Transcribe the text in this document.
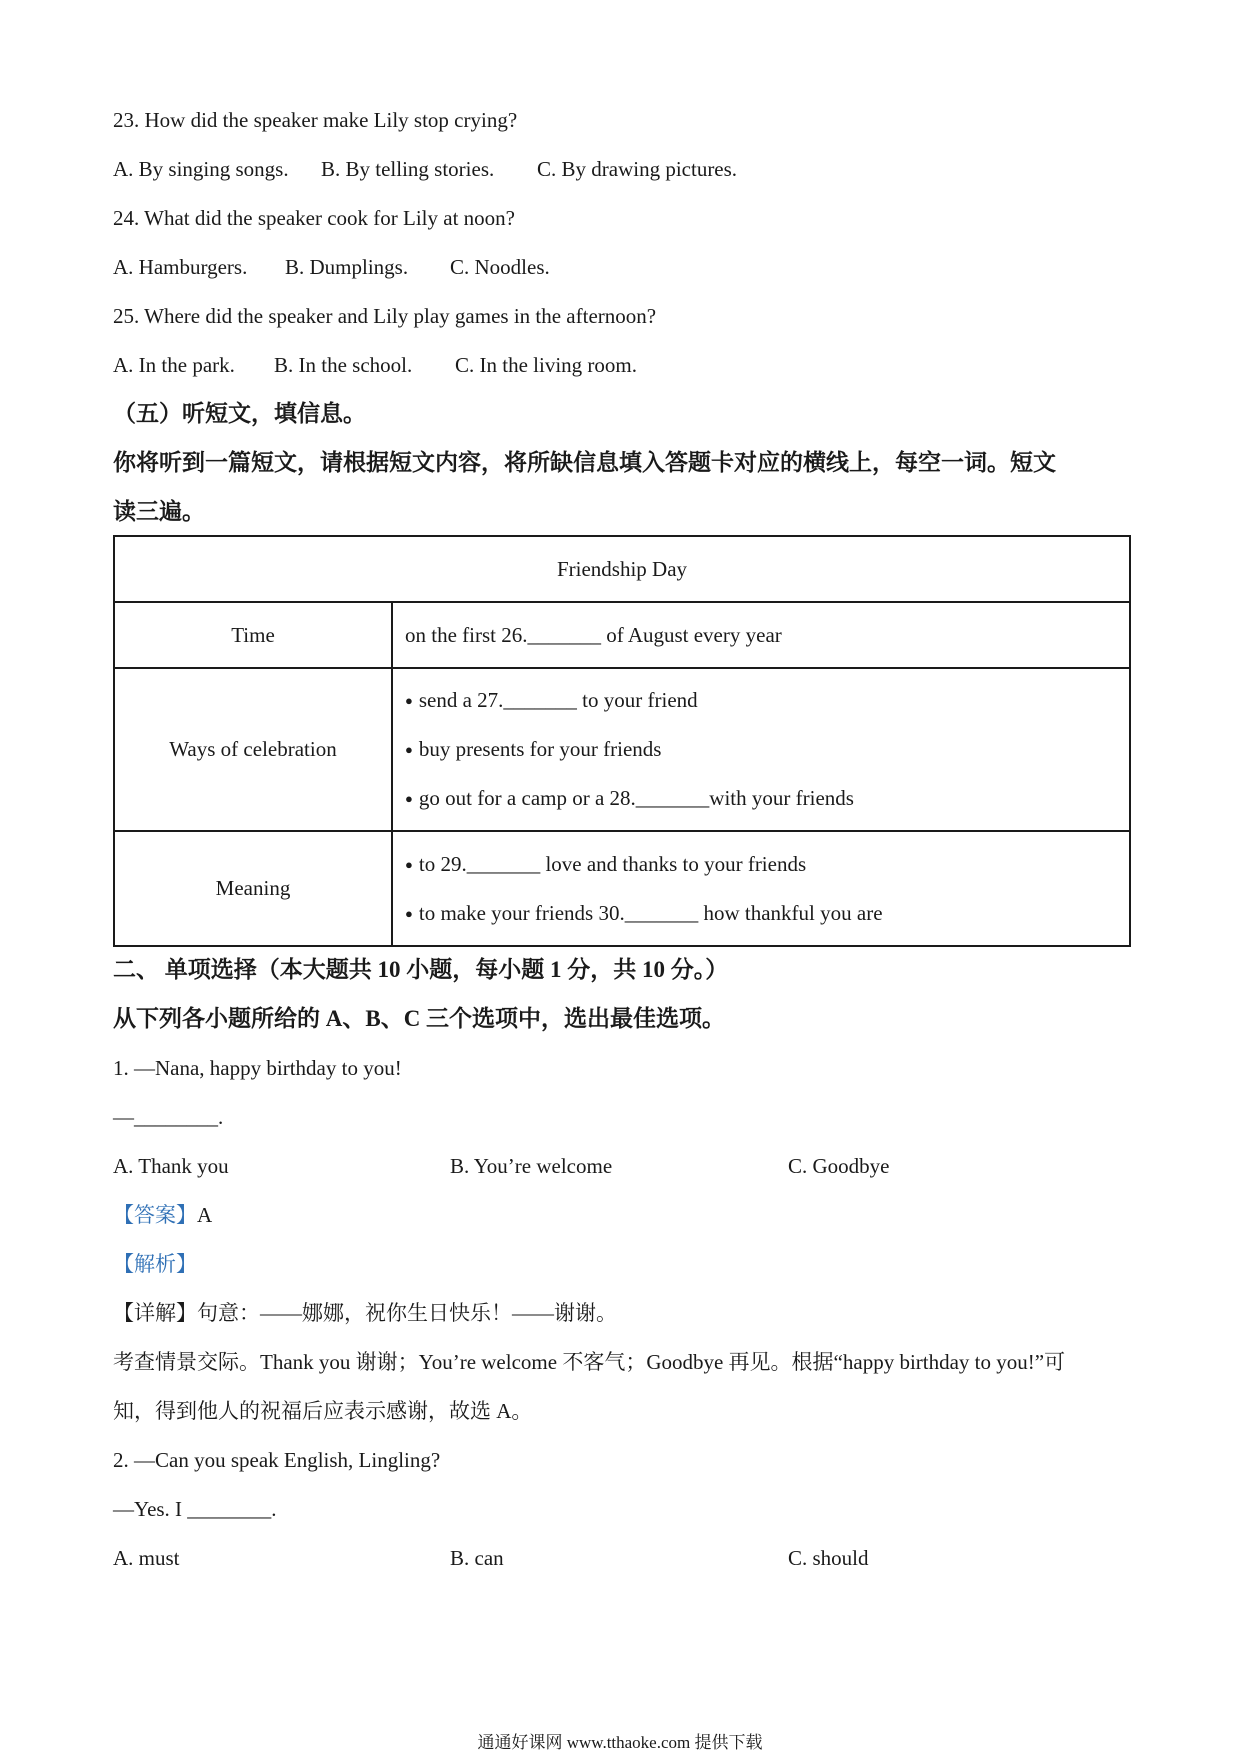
23. How did the speaker make Lily stop crying?
A. By singing songs. B. By telling stories. C. By drawing pictures.
24. What did the speaker cook for Lily at noon?
A. Hamburgers. B. Dumplings. C. Noodles.
25. Where did the speaker and Lily play games in the afternoon?
A. In the park. B. In the school. C. In the living room.
（五）听短文，填信息。
你将听到一篇短文，请根据短文内容，将所缺信息填入答题卡对应的横线上，每空一词。短文
读三遍。
Friendship Day	
Time	on the first 26._______ of August every year

Ways of celebration	● send a 27._______ to your friend
● buy presents for your friends
● go out for a camp or a 28._______with your friends

Meaning	● to 29._______ love and thanks to your friends
● to make your friends 30._______ how thankful you are
二、 单项选择（本大题共 10 小题，每小题 1 分，共 10 分。）
从下列各小题所给的 A、B、C 三个选项中，选出最佳选项。
1. —Nana, happy birthday to you!
—________.
A. Thank you	B. You’re welcome	C. Goodbye
【答案】A
【解析】
【详解】句意：——娜娜，祝你生日快乐！——谢谢。
考查情景交际。Thank you 谢谢；You’re welcome 不客气；Goodbye 再见。根据“happy birthday to you!”可
知，得到他人的祝福后应表示感谢，故选 A。
2. —Can you speak English, Lingling?
—Yes. I ________.
A. must	B. can	C. should
通通好课网 www.tthaoke.com 提供下载
